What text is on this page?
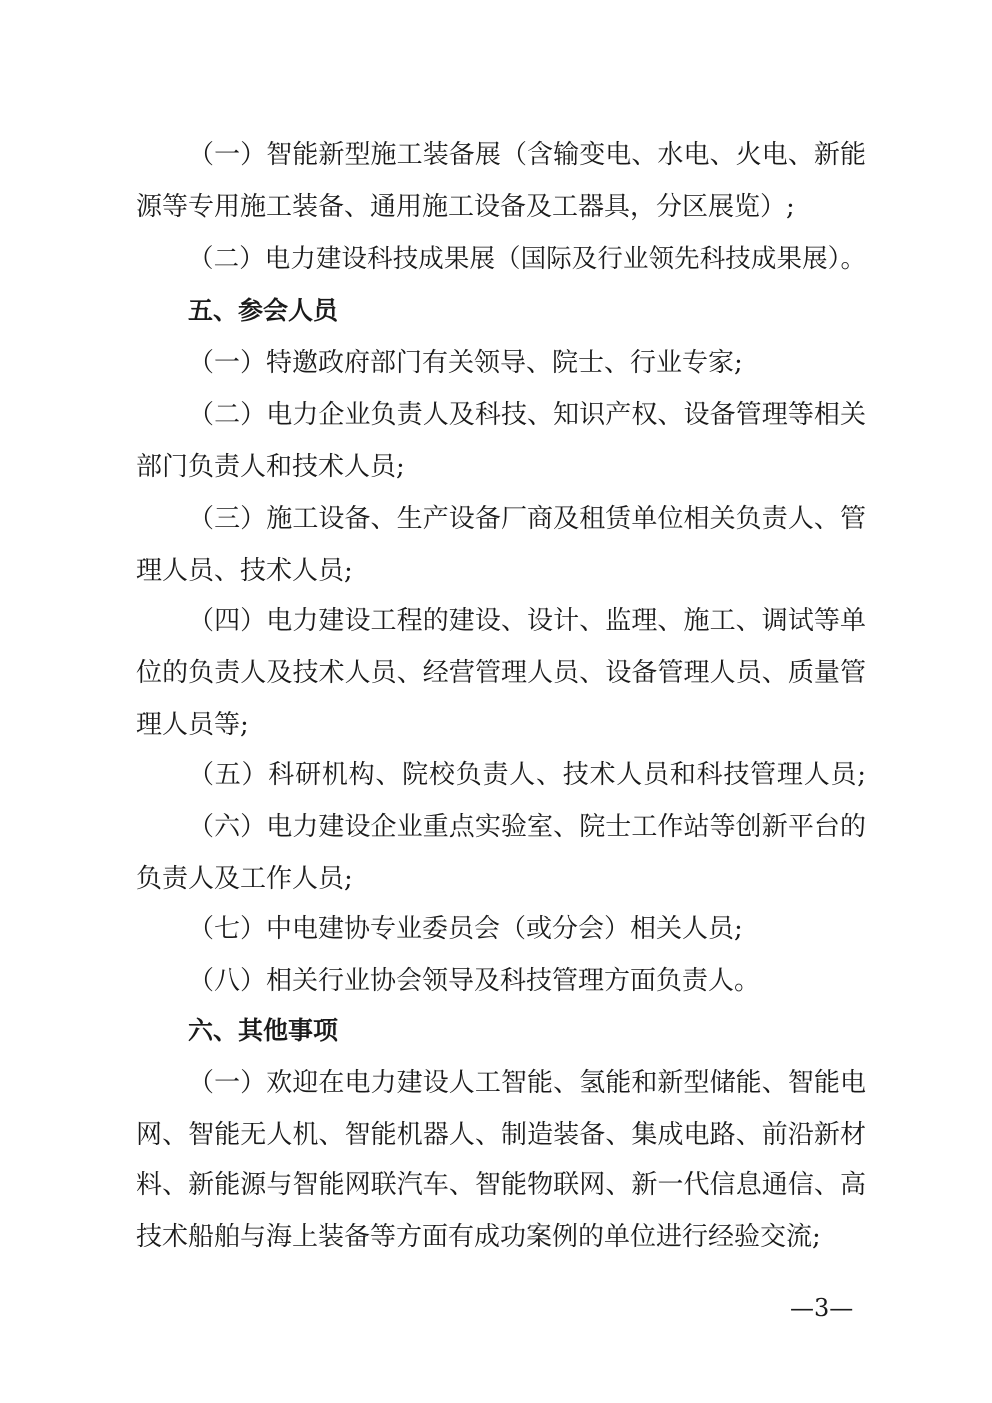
（一）智能新型施工装备展（含输变电、水电、火电、新能
源等专用施工装备、通用施工设备及工器具，分区展览）;
（二）电力建设科技成果展（国际及行业领先科技成果展）。
五、参会人员
（一）特邀政府部门有关领导、院士、行业专家;
（二）电力企业负责人及科技、知识产权、设备管理等相关
部门负责人和技术人员;
（三）施工设备、生产设备厂商及租赁单位相关负责人、管
理人员、技术人员;
（四）电力建设工程的建设、设计、监理、施工、调试等单
位的负责人及技术人员、经营管理人员、设备管理人员、质量管
理人员等;
（五）科研机构、院校负责人、技术人员和科技管理人员;
（六）电力建设企业重点实验室、院士工作站等创新平台的
负责人及工作人员;
（七）中电建协专业委员会（或分会）相关人员;
（八）相关行业协会领导及科技管理方面负责人。
六、其他事项
（一）欢迎在电力建设人工智能、氢能和新型储能、智能电
网、智能无人机、智能机器人、制造装备、集成电路、前沿新材
料、新能源与智能网联汽车、智能物联网、新一代信息通信、高
技术船舶与海上装备等方面有成功案例的单位进行经验交流;
—3—
